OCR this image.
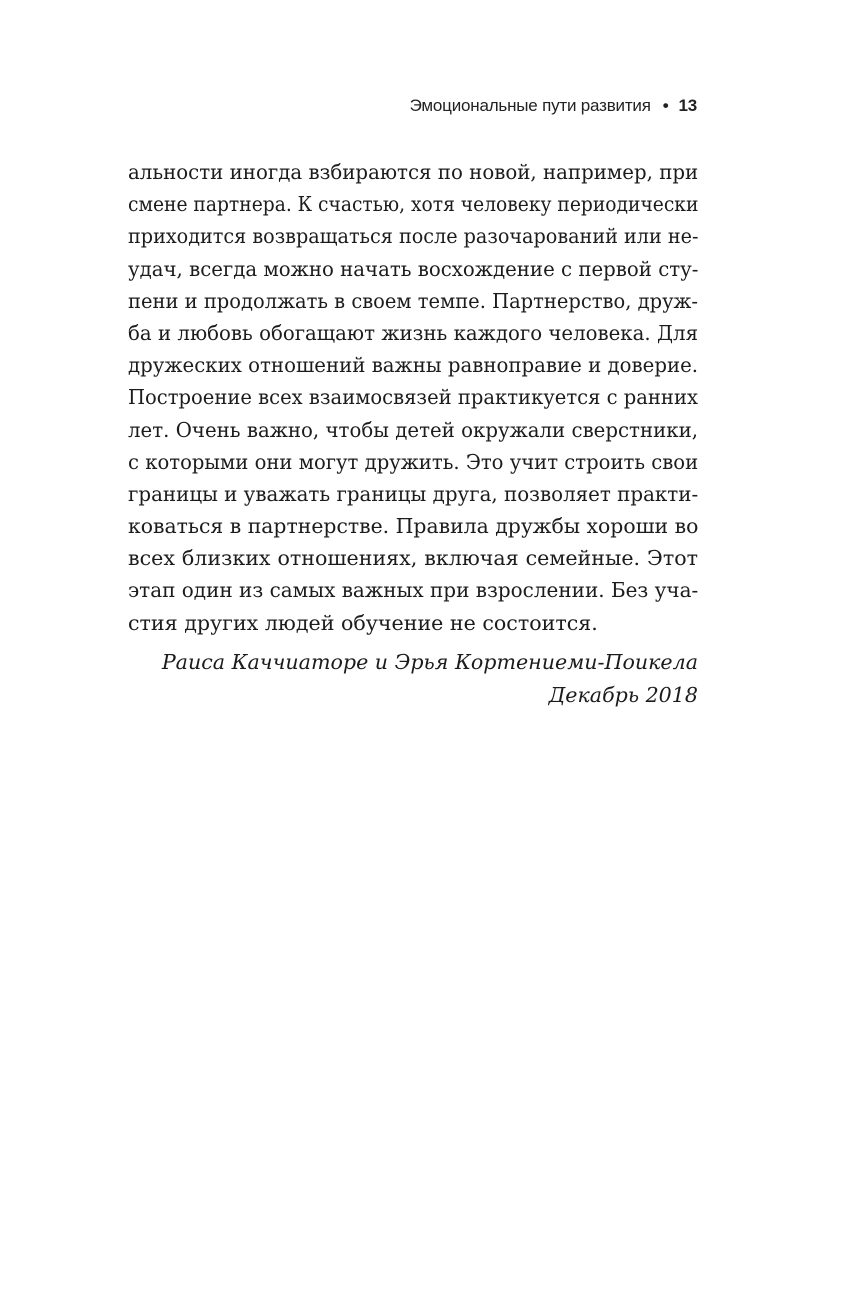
Эмоциональные пути развития • 13
альности иногда взбираются по новой, например, при
смене партнера. К счастью, хотя человеку периодически
приходится возвращаться после разочарований или не-
удач, всегда можно начать восхождение с первой сту-
пени и продолжать в своем темпе. Партнерство, друж-
ба и любовь обогащают жизнь каждого человека. Для
дружеских отношений важны равноправие и доверие.
Построение всех взаимосвязей практикуется с ранних
лет. Очень важно, чтобы детей окружали сверстники,
с которыми они могут дружить. Это учит строить свои
границы и уважать границы друга, позволяет практи-
коваться в партнерстве. Правила дружбы хороши во
всех близких отношениях, включая семейные. Этот
этап один из самых важных при взрослении. Без уча-
стия других людей обучение не состоится.
Раиса Каччиаторе и Эрья Кортениеми-Поикела
Декабрь 2018
